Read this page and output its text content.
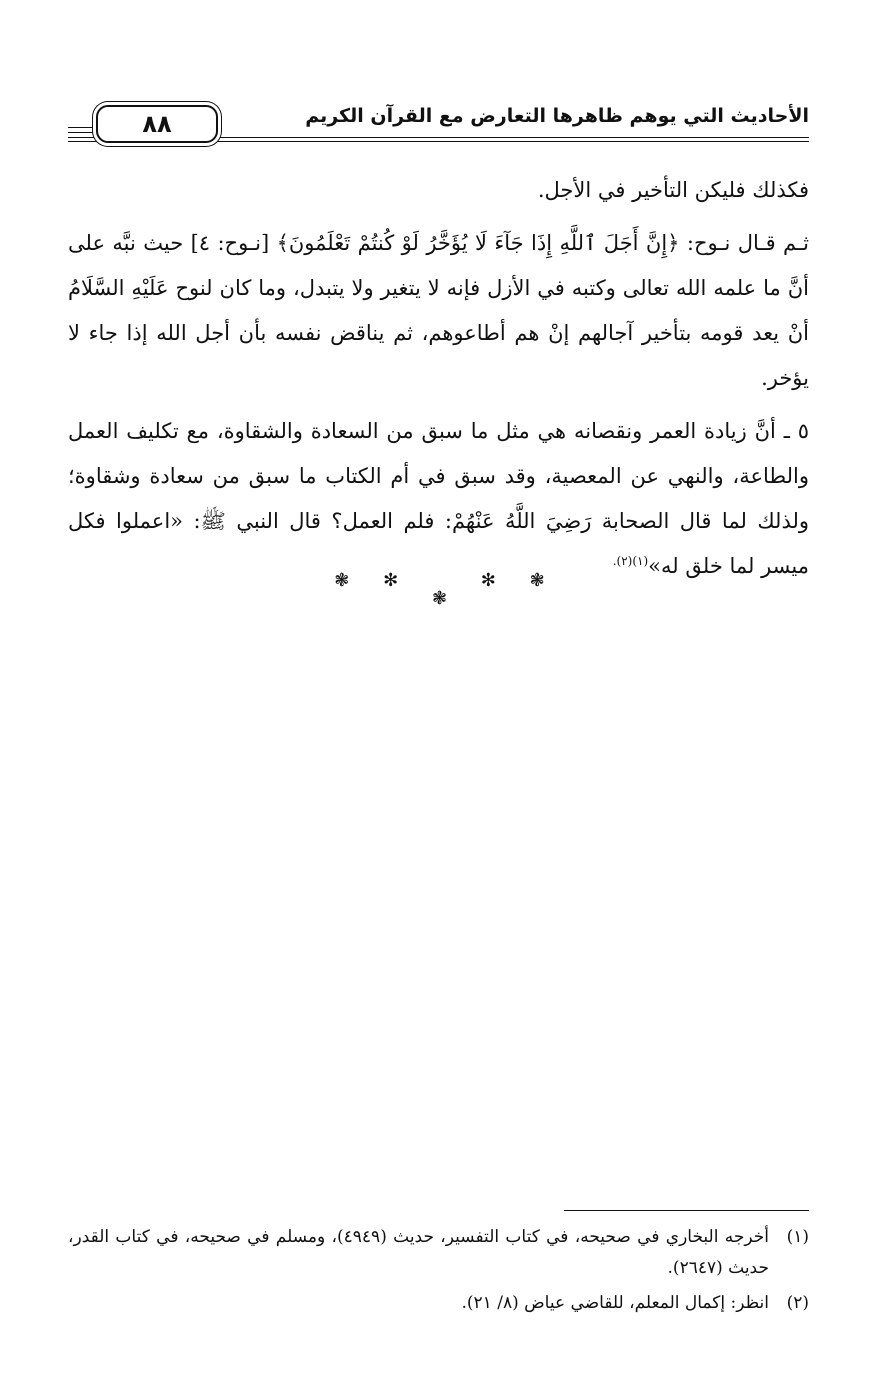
٨٨	الأحاديث التي يوهم ظاهرها التعارض مع القرآن الكريم

فكذلك فليكن التأخير في الأجل.

ثـم قـال نـوح: ﴿إِنَّ أَجَلَ ٱللَّهِ إِذَا جَآءَ لَا يُؤَخَّرُ لَوْ كُنتُمْ تَعْلَمُونَ﴾ [نـوح: ٤] حيث نبَّه على أنَّ ما علمه الله تعالى وكتبه في الأزل فإنه لا يتغير ولا يتبدل، وما كان لنوح عَلَيْهِ السَّلَامُ أنْ يعد قومه بتأخير آجالهم إنْ هم أطاعوهم، ثم يناقض نفسه بأن أجل الله إذا جاء لا يؤخر.

٥ ـ أنَّ زيادة العمر ونقصانه هي مثل ما سبق من السعادة والشقاوة، مع تكليف العمل والطاعة، والنهي عن المعصية، وقد سبق في أم الكتاب ما سبق من سعادة وشقاوة؛ ولذلك لما قال الصحابة رَضِيَ اللَّهُ عَنْهُمْ: فلم العمل؟ قال النبي ﷺ: «اعملوا فكل ميسر لما خلق له»$^{(١)(٢).}$

❃ ✻ ❃ ✻ ❃
(١)
أخرجه البخاري في صحيحه، في كتاب التفسير، حديث (٤٩٤٩)، ومسلم في صحيحه، في كتاب القدر، حديث (٢٦٤٧).
(٢)
انظر: إكمال المعلم، للقاضي عياض (٨/ ٢١).
